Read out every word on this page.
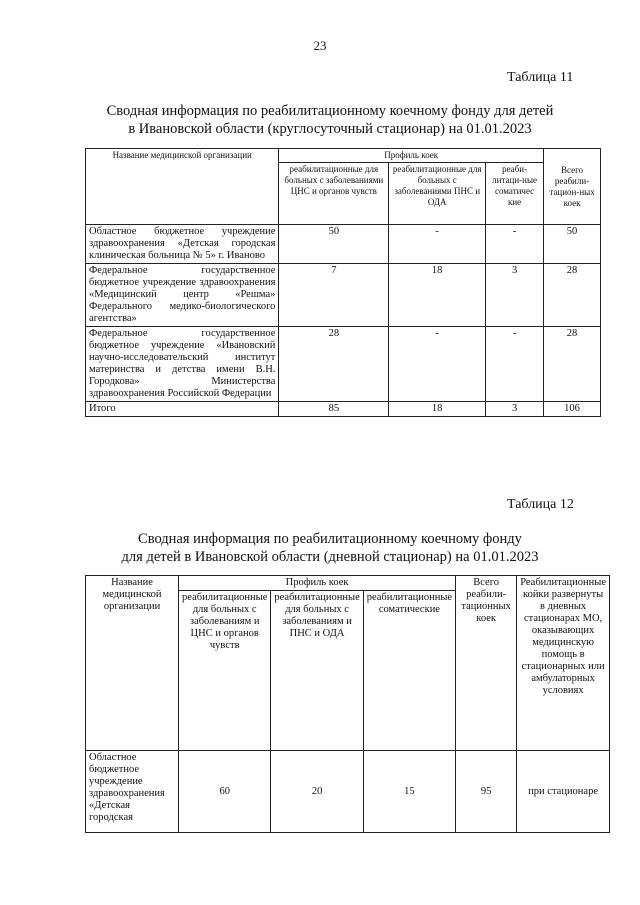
23
Таблица 11
Сводная информация по реабилитационному коечному фонду для детей
в Ивановской области (круглосуточный стационар) на 01.01.2023
Название медицинской организации	Профиль коек			Всего реабили-тацион-ных коек
	реабилитационные для больных с заболеваниями ЦНС и органов чувств	реабилитационные для больных с заболеваниями ПНС и ОДА	реаби-литаци-ные соматичес кие	
Областное бюджетное учреждение здравоохранения «Детская городская клиническая больница № 5» г. Иваново	50	-	-	50
Федеральное государственное бюджетное учреждение здравоохранения «Медицинский центр «Решма» Федерального медико-биологического агентства»	7	18	3	28
Федеральное государственное бюджетное учреждение «Ивановский научно-исследовательский институт материнства и детства имени В.Н. Городкова» Министерства здравоохранения Российской Федерации	28	-	-	28
Итого	85	18	3	106
Таблица 12
Сводная информация по реабилитационному коечному фонду
для детей в Ивановской области (дневной стационар) на 01.01.2023
Название медицинской организации	Профиль коек			Всего реабили-тационных коек	Реабилитационные койки развернуты в дневных стационарах МО, оказывающих медицинскую помощь в стационарных или амбулаторных условиях
	реабилитационные для больных с заболеваниям и ЦНС и органов чувств	реабилитационные для больных с заболеваниям и ПНС и ОДА	реабилитационные соматические		
Областное бюджетное учреждение здравоохранения «Детская городская	60	20	15	95	при стационаре
